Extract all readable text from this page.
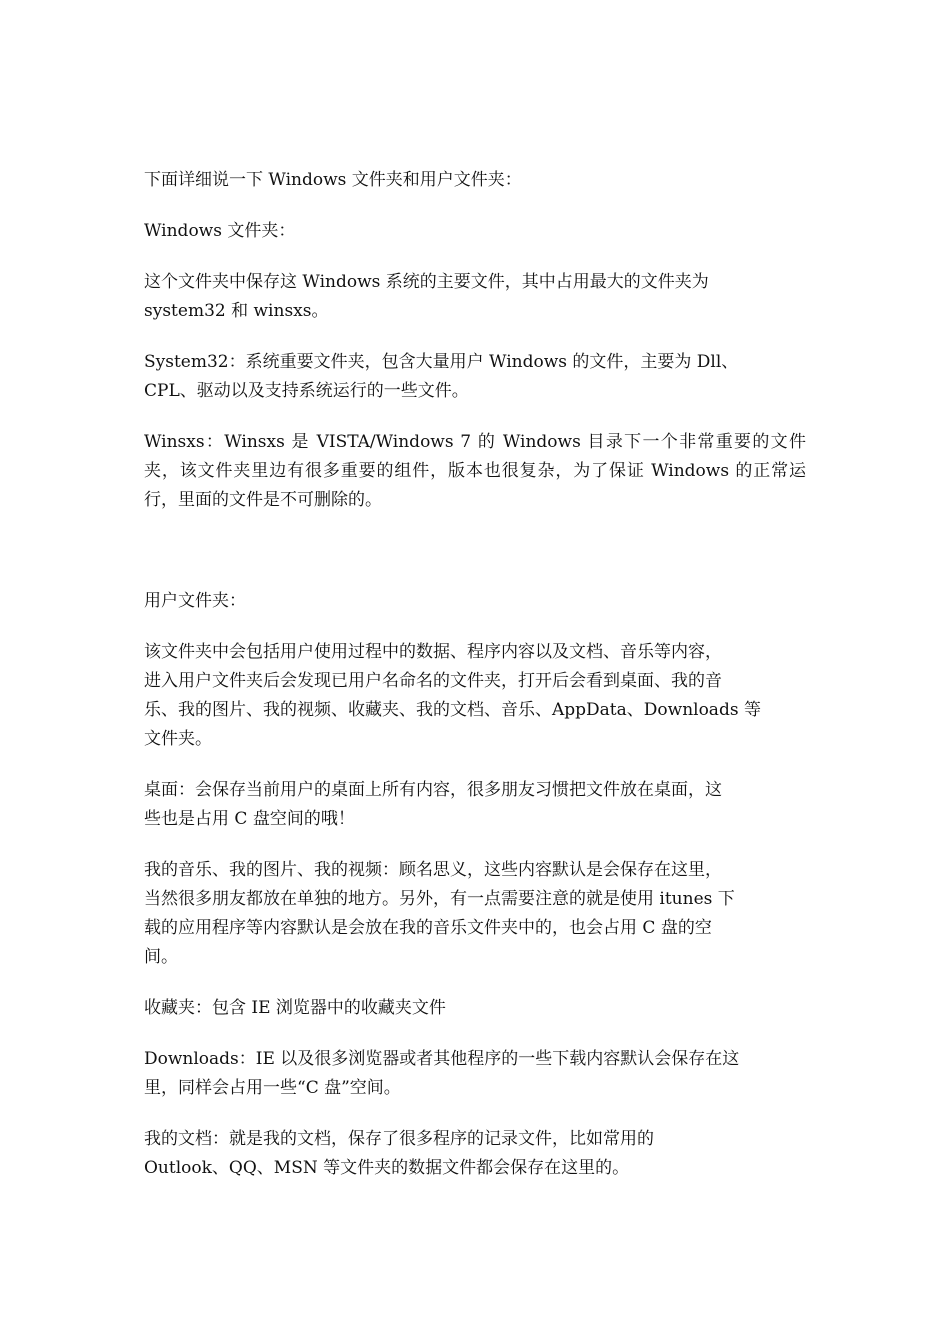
下面详细说一下 Windows 文件夹和用户文件夹：

Windows 文件夹：

这个文件夹中保存这 Windows 系统的主要文件，其中占用最大的文件夹为
system32 和 winsxs。

System32：系统重要文件夹，包含大量用户 Windows 的文件，主要为 Dll、
CPL、驱动以及支持系统运行的一些文件。

Winsxs：Winsxs 是 VISTA/Windows 7 的 Windows 目录下一个非常重要的文件夹，该文件夹里边有很多重要的组件，版本也很复杂，为了保证 Windows 的正常运行，里面的文件是不可删除的。

用户文件夹：

该文件夹中会包括用户使用过程中的数据、程序内容以及文档、音乐等内容，
进入用户文件夹后会发现已用户名命名的文件夹，打开后会看到桌面、我的音
乐、我的图片、我的视频、收藏夹、我的文档、音乐、AppData、Downloads 等
文件夹。

桌面：会保存当前用户的桌面上所有内容，很多朋友习惯把文件放在桌面，这
些也是占用 C 盘空间的哦！

我的音乐、我的图片、我的视频：顾名思义，这些内容默认是会保存在这里，
当然很多朋友都放在单独的地方。另外，有一点需要注意的就是使用 itunes 下
载的应用程序等内容默认是会放在我的音乐文件夹中的，也会占用 C 盘的空
间。

收藏夹：包含 IE 浏览器中的收藏夹文件

Downloads：IE 以及很多浏览器或者其他程序的一些下载内容默认会保存在这
里，同样会占用一些“C 盘”空间。

我的文档：就是我的文档，保存了很多程序的记录文件，比如常用的
Outlook、QQ、MSN 等文件夹的数据文件都会保存在这里的。
